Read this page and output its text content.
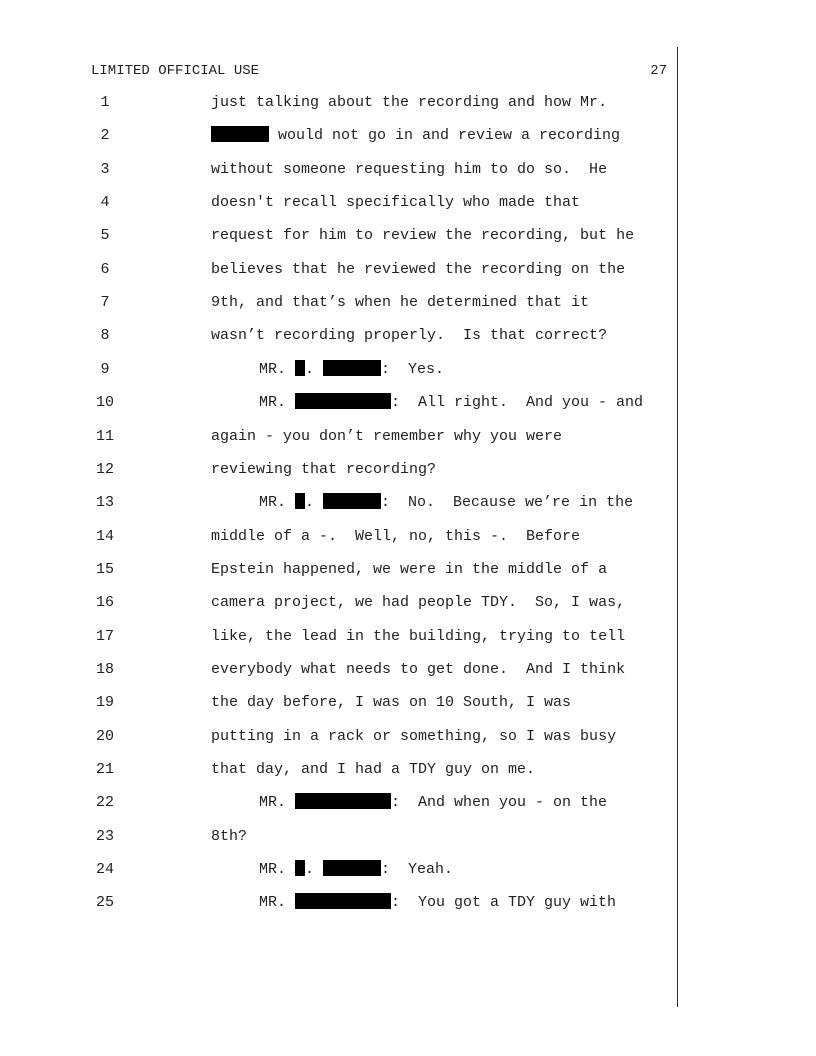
LIMITED OFFICIAL USE	27
1	just talking about the recording and how Mr.
2	would not go in and review a recording
3	without someone requesting him to do so.  He
4	doesn't recall specifically who made that
5	request for him to review the recording, but he
6	believes that he reviewed the recording on the
7	9th, and that’s when he determined that it
8	wasn’t recording properly.  Is that correct?
9	MR. .	:  Yes.
10	MR.	:  All right.  And you - and
11	again - you don’t remember why you were
12	reviewing that recording?
13	MR. .	:  No.  Because we’re in the
14	middle of a -.  Well, no, this -.  Before
15	Epstein happened, we were in the middle of a
16	camera project, we had people TDY.  So, I was,
17	like, the lead in the building, trying to tell
18	everybody what needs to get done.  And I think
19	the day before, I was on 10 South, I was
20	putting in a rack or something, so I was busy
21	that day, and I had a TDY guy on me.
22	MR.	:  And when you - on the
23	8th?
24	MR. .	:  Yeah.
25	MR.	:  You got a TDY guy with
